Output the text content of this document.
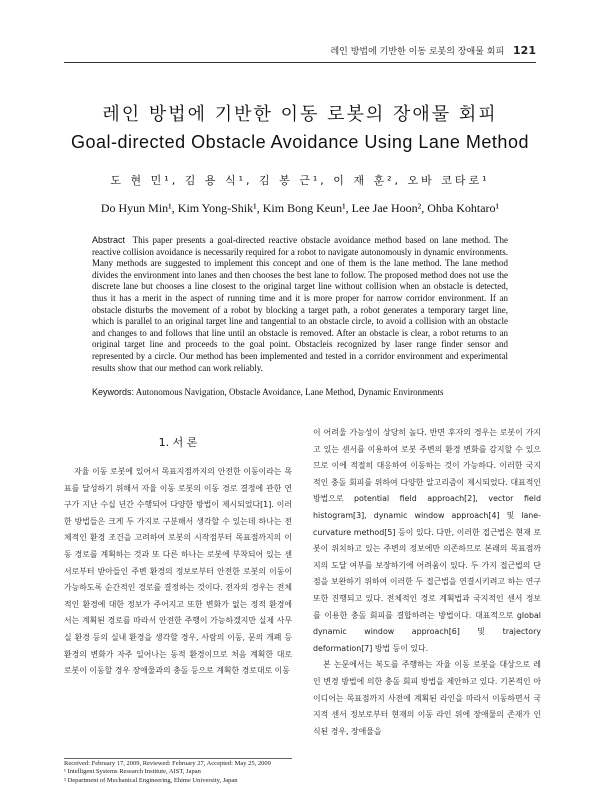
레인 방법에 기반한 이동 로봇의 장애물 회피 121
레인 방법에 기반한 이동 로봇의 장애물 회피
Goal-directed Obstacle Avoidance Using Lane Method
도 현 민¹, 김 용 식¹, 김 봉 근¹, 이 재 훈², 오바 코타로¹
Do Hyun Min¹, Kim Yong-Shik¹, Kim Bong Keun¹, Lee Jae Hoon², Ohba Kohtaro¹
Abstract This paper presents a goal-directed reactive obstacle avoidance method based on lane method. The reactive collision avoidance is necessarily required for a robot to navigate autonomously in dynamic environments. Many methods are suggested to implement this concept and one of them is the lane method. The lane method divides the environment into lanes and then chooses the best lane to follow. The proposed method does not use the discrete lane but chooses a line closest to the original target line without collision when an obstacle is detected, thus it has a merit in the aspect of running time and it is more proper for narrow corridor environment. If an obstacle disturbs the movement of a robot by blocking a target path, a robot generates a temporary target line, which is parallel to an original target line and tangential to an obstacle circle, to avoid a collision with an obstacle and changes to and follows that line until an obstacle is removed. After an obstacle is clear, a robot returns to an original target line and proceeds to the goal point. Obstacleis recognized by laser range finder sensor and represented by a circle. Our method has been implemented and tested in a corridor environment and experimental results show that our method can work reliably.
Keywords: Autonomous Navigation, Obstacle Avoidance, Lane Method, Dynamic Environments
1. 서 론

자율 이동 로봇에 있어서 목표지점까지의 안전한 이동이라는 목표를 달성하기 위해서 자율 이동 로봇의 이동 경로 결정에 관한 연구가 지난 수십 년간 수행되어 다양한 방법이 제시되었다[1]. 이러한 방법들은 크게 두 가지로 구분해서 생각할 수 있는데 하나는 전체적인 환경 조건을 고려하여 로봇의 시작점부터 목표점까지의 이동 경로를 계획하는 것과 또 다른 하나는 로봇에 부착되어 있는 센서로부터 받아들인 주변 환경의 정보로부터 안전한 로봇의 이동이 가능하도록 순간적인 경로를 결정하는 것이다. 전자의 경우는 전체적인 환경에 대한 정보가 주어지고 또한 변화가 없는 정적 환경에서는 계획된 경로를 따라서 안전한 주행이 가능하겠지만 실제 사무실 환경 등의 실내 환경을 생각할 경우, 사람의 이동, 문의 개폐 등 환경의 변화가 자주 일어나는 동적 환경이므로 처음 계획한 대로 로봇이 이동할 경우 장애물과의 충돌 등으로 계획한 경로대로 이동

이 어려울 가능성이 상당히 높다. 반면 후자의 경우는 로봇이 가지고 있는 센서를 이용하여 로봇 주변의 환경 변화를 감지할 수 있으므로 이에 적절히 대응하여 이동하는 것이 가능하다. 이러한 국지적인 충돌 회피를 위하여 다양한 알고리즘이 제시되었다. 대표적인 방법으로 potential field approach[2], vector field histogram[3], dynamic window approach[4] 및 lane-curvature method[5] 등이 있다. 다만, 이러한 접근법은 현재 로봇이 위치하고 있는 주변의 정보에만 의존하므로 본래의 목표점까지의 도달 여부를 보장하기에 어려움이 있다. 두 가지 접근법의 단점을 보완하기 위하여 이러한 두 접근법을 연결시키려고 하는 연구 또한 진행되고 있다. 전체적인 경로 계획법과 국지적인 센서 정보를 이용한 충돌 회피를 결합하려는 방법이다. 대표적으로 global dynamic window approach[6] 및 trajectory deformation[7] 방법 등이 있다.

본 논문에서는 복도를 주행하는 자율 이동 로봇을 대상으로 레인 변경 방법에 의한 충돌 회피 방법을 제안하고 있다. 기본적인 아이디어는 목표점까지 사전에 계획된 라인을 따라서 이동하면서 국지적 센서 정보로부터 현재의 이동 라인 위에 장애물의 존재가 인식된 경우, 장애물을

Received: February 17, 2009, Reviewed: February 27, Accepted: May 25, 2009
¹ Intelligent Systems Research Institute, AIST, Japan
² Department of Mechanical Engineering, Ehime University, Japan
